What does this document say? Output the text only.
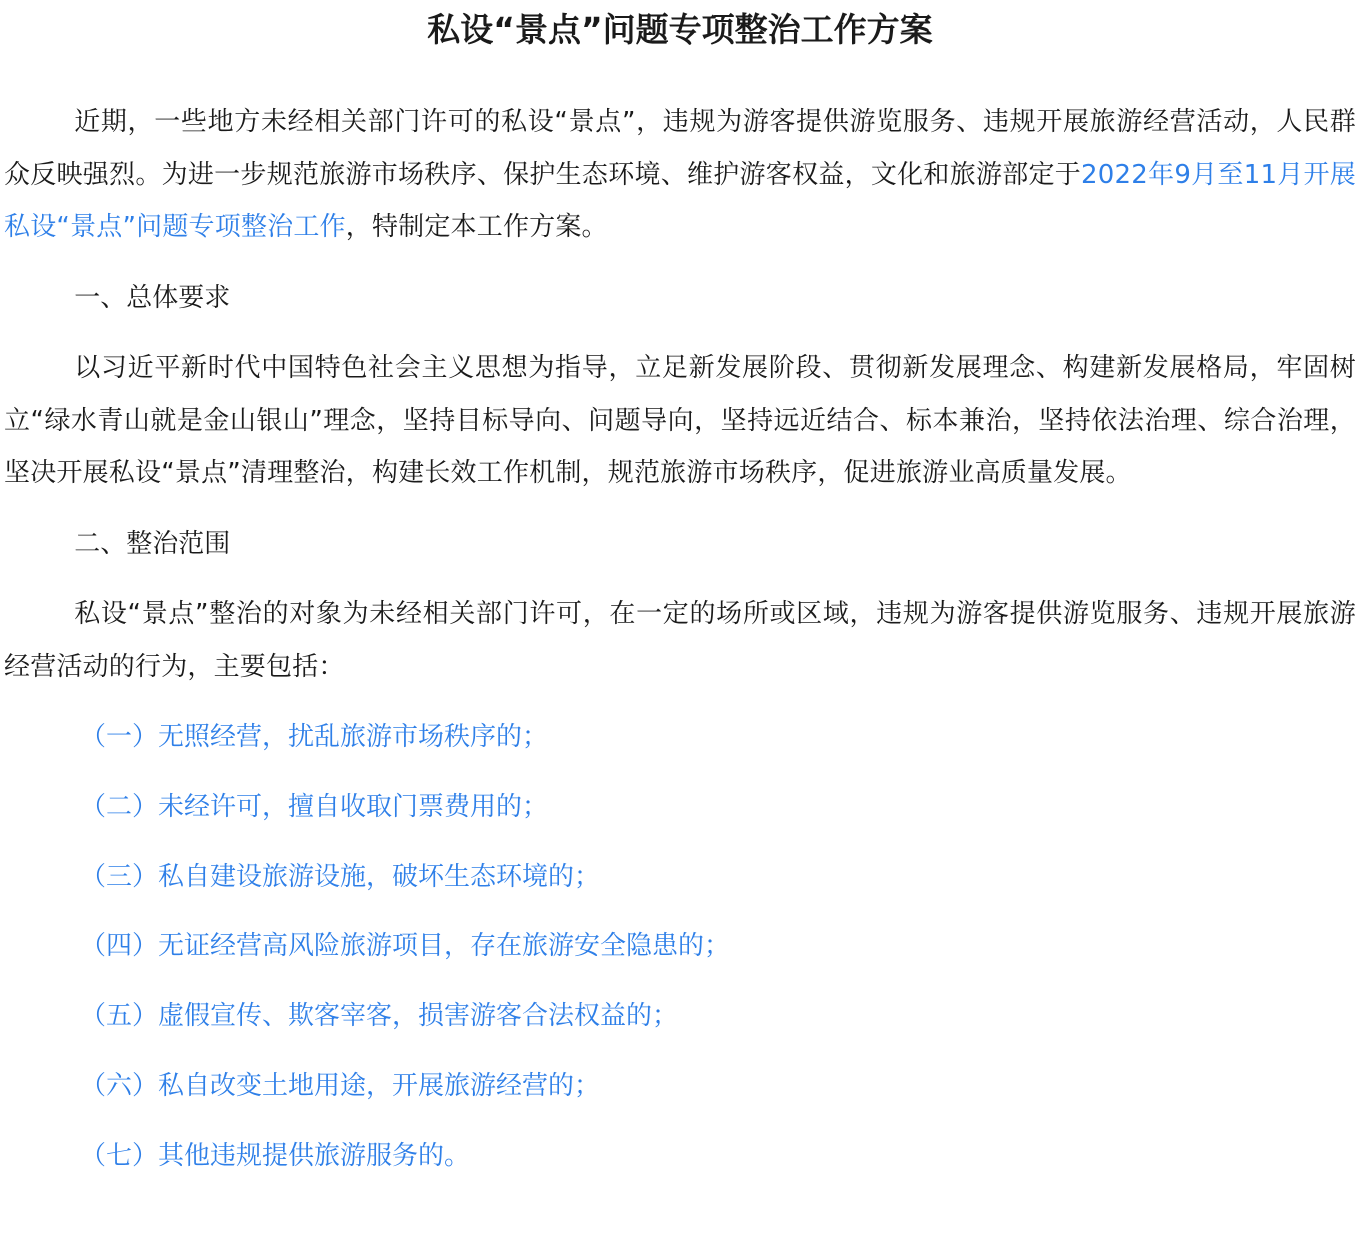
私设“景点”问题专项整治工作方案

近期，一些地方未经相关部门许可的私设“景点”，违规为游客提供游览服务、违规开展旅游经营活动，人民群众反映强烈。为进一步规范旅游市场秩序、保护生态环境、维护游客权益，文化和旅游部定于2022年9月至11月开展私设“景点”问题专项整治工作，特制定本工作方案。

一、总体要求

以习近平新时代中国特色社会主义思想为指导，立足新发展阶段、贯彻新发展理念、构建新发展格局，牢固树立“绿水青山就是金山银山”理念，坚持目标导向、问题导向，坚持远近结合、标本兼治，坚持依法治理、综合治理，坚决开展私设“景点”清理整治，构建长效工作机制，规范旅游市场秩序，促进旅游业高质量发展。

二、整治范围

私设“景点”整治的对象为未经相关部门许可，在一定的场所或区域，违规为游客提供游览服务、违规开展旅游经营活动的行为，主要包括：

（一）无照经营，扰乱旅游市场秩序的；
（二）未经许可，擅自收取门票费用的；
（三）私自建设旅游设施，破坏生态环境的；
（四）无证经营高风险旅游项目，存在旅游安全隐患的；
（五）虚假宣传、欺客宰客，损害游客合法权益的；
（六）私自改变土地用途，开展旅游经营的；
（七）其他违规提供旅游服务的。
